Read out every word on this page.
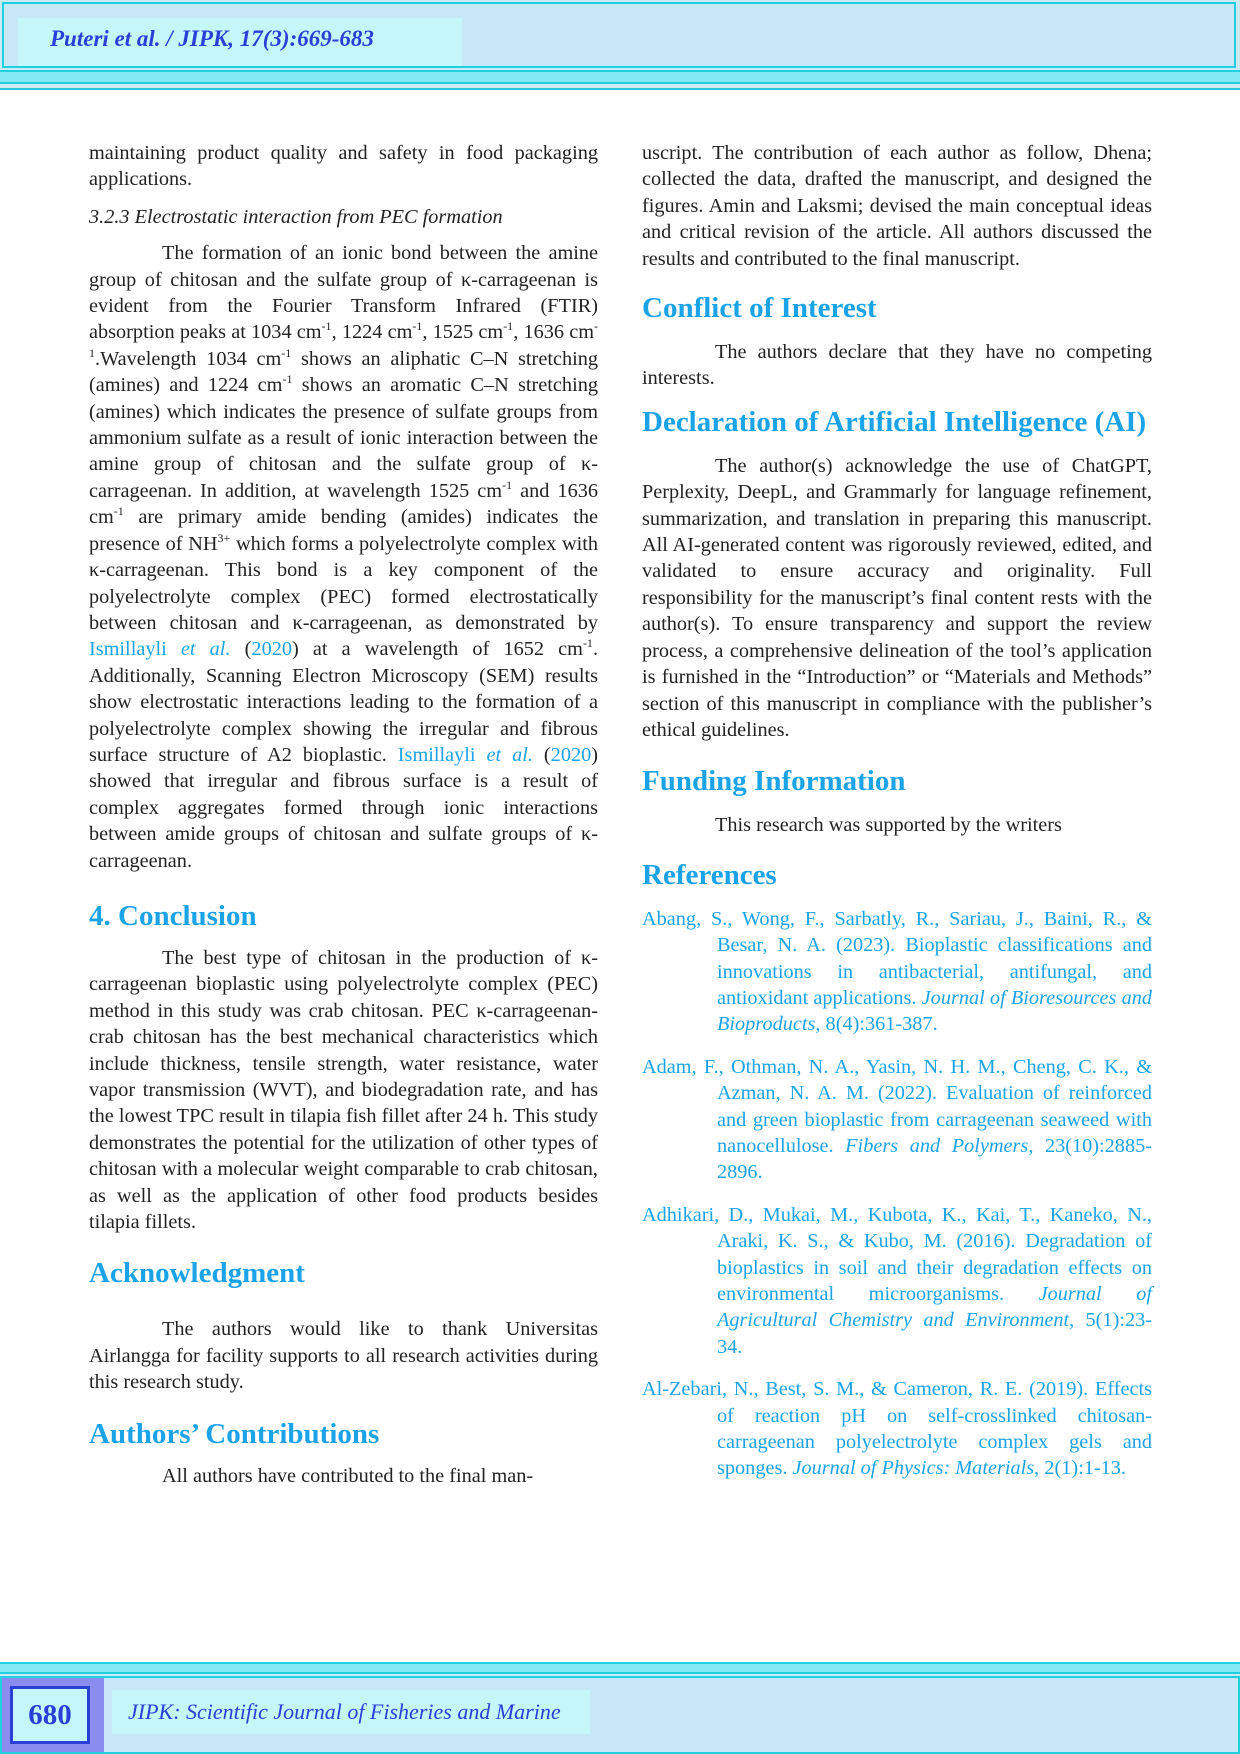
Puteri et al. / JIPK, 17(3):669-683

maintaining product quality and safety in food packaging applications.

3.2.3 Electrostatic interaction from PEC formation

The formation of an ionic bond between the amine group of chitosan and the sulfate group of κ-carrageenan is evident from the Fourier Transform Infrared (FTIR) absorption peaks at 1034 $cm^{-1}$, 1224 $cm^{-1}$, 1525 $cm^{-1}$, 1636 $cm^{-1}.Wavelength$ 1034 $cm^{-1}$ shows an aliphatic C–N stretching (amines) and 1224 $cm^{-1}$ shows an aromatic C–N stretching (amines) which indicates the presence of sulfate groups from ammonium sulfate as a result of ionic interaction between the amine group of chitosan and the sulfate group of κ-carrageenan. In addition, at wavelength 1525 $cm^{-1}$ and 1636 $cm^{-1}$ are primary amide bending (amides) indicates the presence of $NH^{3+}$ which forms a polyelectrolyte complex with κ-carrageenan. This bond is a key component of the polyelectrolyte complex (PEC) formed electrostatically between chitosan and κ-carrageenan, as demonstrated by Ismillayli et al. (2020) at a wavelength of 1652 $cm^{-1}$. Additionally, Scanning Electron Microscopy (SEM) results show electrostatic interactions leading to the formation of a polyelectrolyte complex showing the irregular and fibrous surface structure of A2 bioplastic. Ismillayli et al. (2020) showed that irregular and fibrous surface is a result of complex aggregates formed through ionic interactions between amide groups of chitosan and sulfate groups of κ-carrageenan.

4. Conclusion

The best type of chitosan in the production of κ-carrageenan bioplastic using polyelectrolyte complex (PEC) method in this study was crab chitosan. PEC κ-carrageenan-crab chitosan has the best mechanical characteristics which include thickness, tensile strength, water resistance, water vapor transmission (WVT), and biodegradation rate, and has the lowest TPC result in tilapia fish fillet after 24 h. This study demonstrates the potential for the utilization of other types of chitosan with a molecular weight comparable to crab chitosan, as well as the application of other food products besides tilapia fillets.

Acknowledgment

The authors would like to thank Universitas Airlangga for facility supports to all research activities during this research study.

Authors’ Contributions

All authors have contributed to the final man-

uscript. The contribution of each author as follow, Dhena; collected the data, drafted the manuscript, and designed the figures. Amin and Laksmi; devised the main conceptual ideas and critical revision of the article. All authors discussed the results and contributed to the final manuscript.

Conflict of Interest

The authors declare that they have no competing interests.

Declaration of Artificial Intelligence (AI)

The author(s) acknowledge the use of ChatGPT, Perplexity, DeepL, and Grammarly for language refinement, summarization, and translation in preparing this manuscript. All AI-generated content was rigorously reviewed, edited, and validated to ensure accuracy and originality. Full responsibility for the manuscript’s final content rests with the author(s). To ensure transparency and support the review process, a comprehensive delineation of the tool’s application is furnished in the “Introduction” or “Materials and Methods” section of this manuscript in compliance with the publisher’s ethical guidelines.

Funding Information

This research was supported by the writers

References
Abang, S., Wong, F., Sarbatly, R., Sariau, J., Baini, R., & Besar, N. A. (2023). Bioplastic classifications and innovations in antibacterial, antifungal, and antioxidant applications. Journal of Bioresources and Bioproducts, 8(4):361-387.
Adam, F., Othman, N. A., Yasin, N. H. M., Cheng, C. K., & Azman, N. A. M. (2022). Evaluation of reinforced and green bioplastic from carrageenan seaweed with nanocellulose. Fibers and Polymers, 23(10):2885-2896.
Adhikari, D., Mukai, M., Kubota, K., Kai, T., Kaneko, N., Araki, K. S., & Kubo, M. (2016). Degradation of bioplastics in soil and their degradation effects on environmental microorganisms. Journal of Agricultural Chemistry and Environment, 5(1):23-34.
Al-Zebari, N., Best, S. M., & Cameron, R. E. (2019). Effects of reaction pH on self-crosslinked chitosan-carrageenan polyelectrolyte complex gels and sponges. Journal of Physics: Materials, 2(1):1-13.
680	JIPK: Scientific Journal of Fisheries and Marine
